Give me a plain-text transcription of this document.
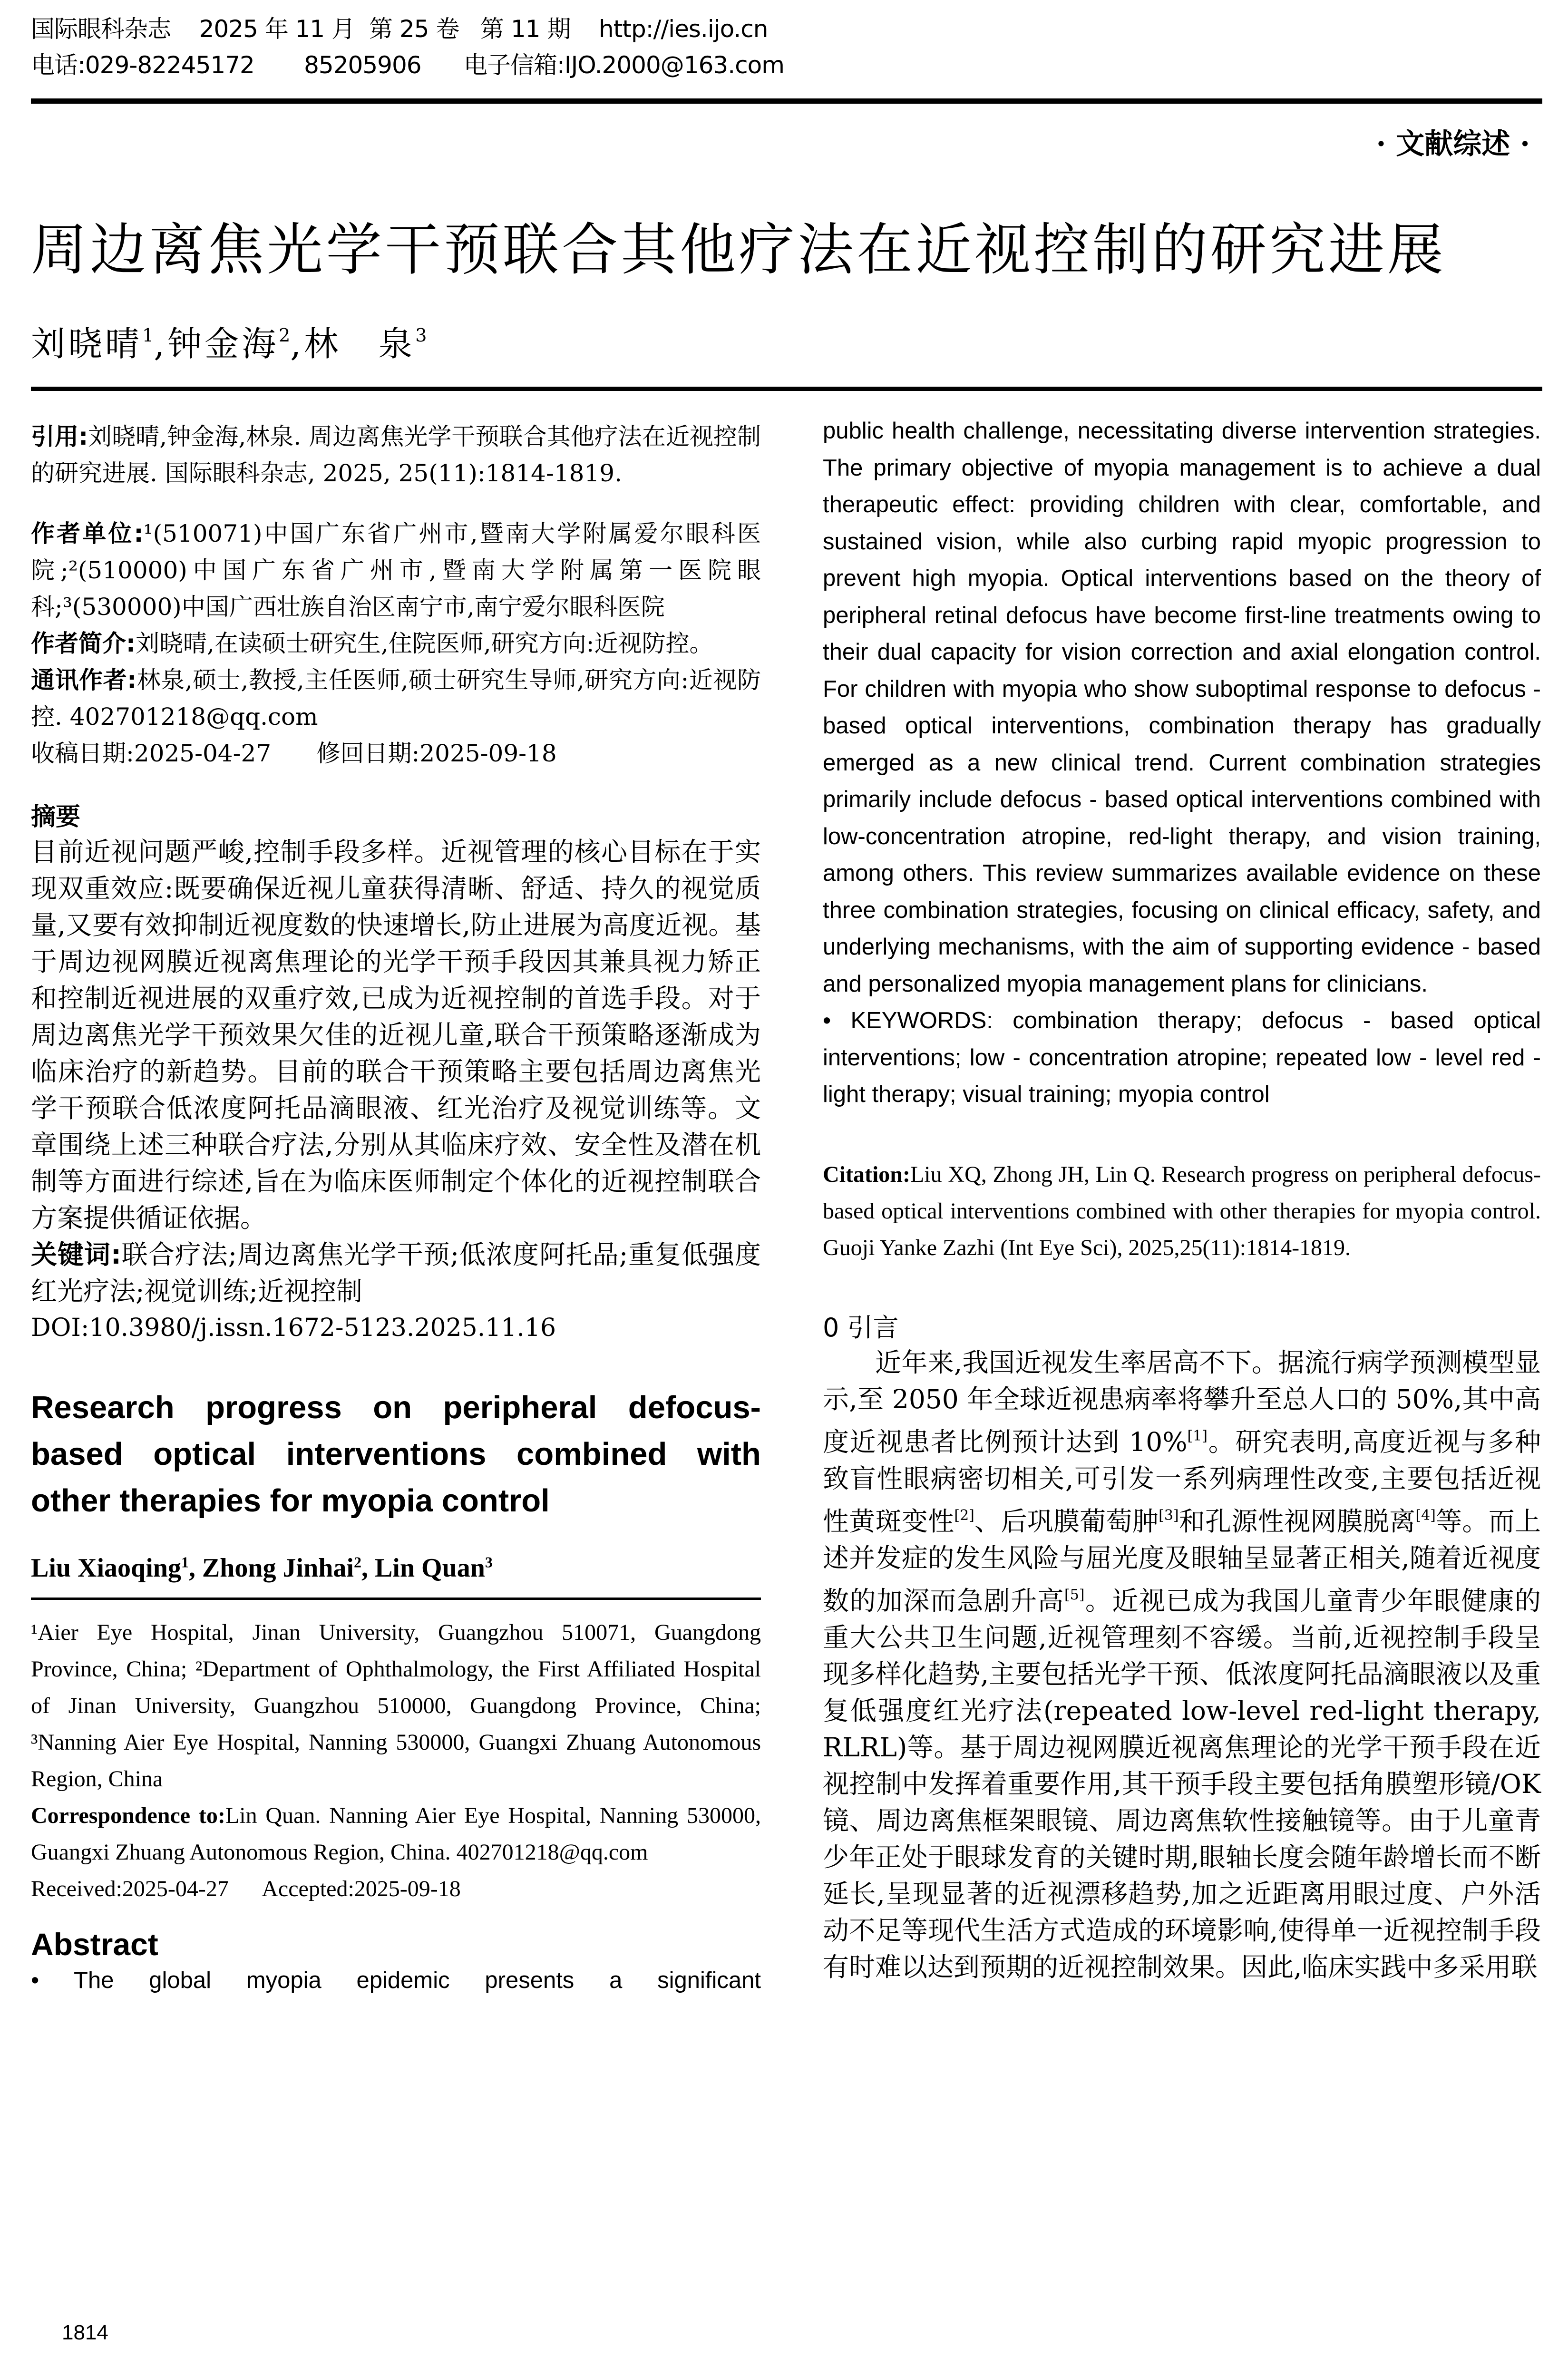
国际眼科杂志 2025 年 11 月 第 25 卷 第 11 期 http://ies.ijo.cn
电话:029-82245172 85205906 电子信箱:IJO.2000@163.com
· 文献综述 ·
周边离焦光学干预联合其他疗法在近视控制的研究进展
刘晓晴$^1$,钟金海$^2$,林　泉$^3$
引用:刘晓晴,钟金海,林泉. 周边离焦光学干预联合其他疗法在近视控制的研究进展. 国际眼科杂志, 2025, 25(11):1814-1819.
作者单位:¹(510071)中国广东省广州市,暨南大学附属爱尔眼科医院;²(510000)中国广东省广州市,暨南大学附属第一医院眼科;³(530000)中国广西壮族自治区南宁市,南宁爱尔眼科医院
作者简介:刘晓晴,在读硕士研究生,住院医师,研究方向:近视防控。
通讯作者:林泉,硕士,教授,主任医师,硕士研究生导师,研究方向:近视防控. 402701218@qq.com
收稿日期:2025-04-27 修回日期:2025-09-18
摘要
目前近视问题严峻,控制手段多样。近视管理的核心目标在于实现双重效应:既要确保近视儿童获得清晰、舒适、持久的视觉质量,又要有效抑制近视度数的快速增长,防止进展为高度近视。基于周边视网膜近视离焦理论的光学干预手段因其兼具视力矫正和控制近视进展的双重疗效,已成为近视控制的首选手段。对于周边离焦光学干预效果欠佳的近视儿童,联合干预策略逐渐成为临床治疗的新趋势。目前的联合干预策略主要包括周边离焦光学干预联合低浓度阿托品滴眼液、红光治疗及视觉训练等。文章围绕上述三种联合疗法,分别从其临床疗效、安全性及潜在机制等方面进行综述,旨在为临床医师制定个体化的近视控制联合方案提供循证依据。
关键词:联合疗法;周边离焦光学干预;低浓度阿托品;重复低强度红光疗法;视觉训练;近视控制
DOI:10.3980/j.issn.1672-5123.2025.11.16
Research progress on peripheral defocus-based optical interventions combined with other therapies for myopia control
Liu Xiaoqing$^1$, Zhong Jinhai$^2$, Lin Quan$^3$
¹Aier Eye Hospital, Jinan University, Guangzhou 510071, Guangdong Province, China; ²Department of Ophthalmology, the First Affiliated Hospital of Jinan University, Guangzhou 510000, Guangdong Province, China; ³Nanning Aier Eye Hospital, Nanning 530000, Guangxi Zhuang Autonomous Region, China
Correspondence to:Lin Quan. Nanning Aier Eye Hospital, Nanning 530000, Guangxi Zhuang Autonomous Region, China. 402701218@qq.com
Received:2025-04-27 Accepted:2025-09-18
Abstract
• The global myopia epidemic presents a significant
public health challenge, necessitating diverse intervention strategies. The primary objective of myopia management is to achieve a dual therapeutic effect: providing children with clear, comfortable, and sustained vision, while also curbing rapid myopic progression to prevent high myopia. Optical interventions based on the theory of peripheral retinal defocus have become first-line treatments owing to their dual capacity for vision correction and axial elongation control. For children with myopia who show suboptimal response to defocus - based optical interventions, combination therapy has gradually emerged as a new clinical trend. Current combination strategies primarily include defocus - based optical interventions combined with low-concentration atropine, red-light therapy, and vision training, among others. This review summarizes available evidence on these three combination strategies, focusing on clinical efficacy, safety, and underlying mechanisms, with the aim of supporting evidence - based and personalized myopia management plans for clinicians.
• KEYWORDS: combination therapy; defocus - based optical interventions; low - concentration atropine; repeated low - level red - light therapy; visual training; myopia control
Citation:Liu XQ, Zhong JH, Lin Q. Research progress on peripheral defocus-based optical interventions combined with other therapies for myopia control. Guoji Yanke Zazhi (Int Eye Sci), 2025,25(11):1814-1819.
0 引言
近年来,我国近视发生率居高不下。据流行病学预测模型显示,至 2050 年全球近视患病率将攀升至总人口的 50%,其中高度近视患者比例预计达到 10%[1]。研究表明,高度近视与多种致盲性眼病密切相关,可引发一系列病理性改变,主要包括近视性黄斑变性[2]、后巩膜葡萄肿[3]和孔源性视网膜脱离[4]等。而上述并发症的发生风险与屈光度及眼轴呈显著正相关,随着近视度数的加深而急剧升高[5]。近视已成为我国儿童青少年眼健康的重大公共卫生问题,近视管理刻不容缓。当前,近视控制手段呈现多样化趋势,主要包括光学干预、低浓度阿托品滴眼液以及重复低强度红光疗法(repeated low-level red-light therapy, RLRL)等。基于周边视网膜近视离焦理论的光学干预手段在近视控制中发挥着重要作用,其干预手段主要包括角膜塑形镜/OK 镜、周边离焦框架眼镜、周边离焦软性接触镜等。由于儿童青少年正处于眼球发育的关键时期,眼轴长度会随年龄增长而不断延长,呈现显著的近视漂移趋势,加之近距离用眼过度、户外活动不足等现代生活方式造成的环境影响,使得单一近视控制手段有时难以达到预期的近视控制效果。因此,临床实践中多采用联
1814
